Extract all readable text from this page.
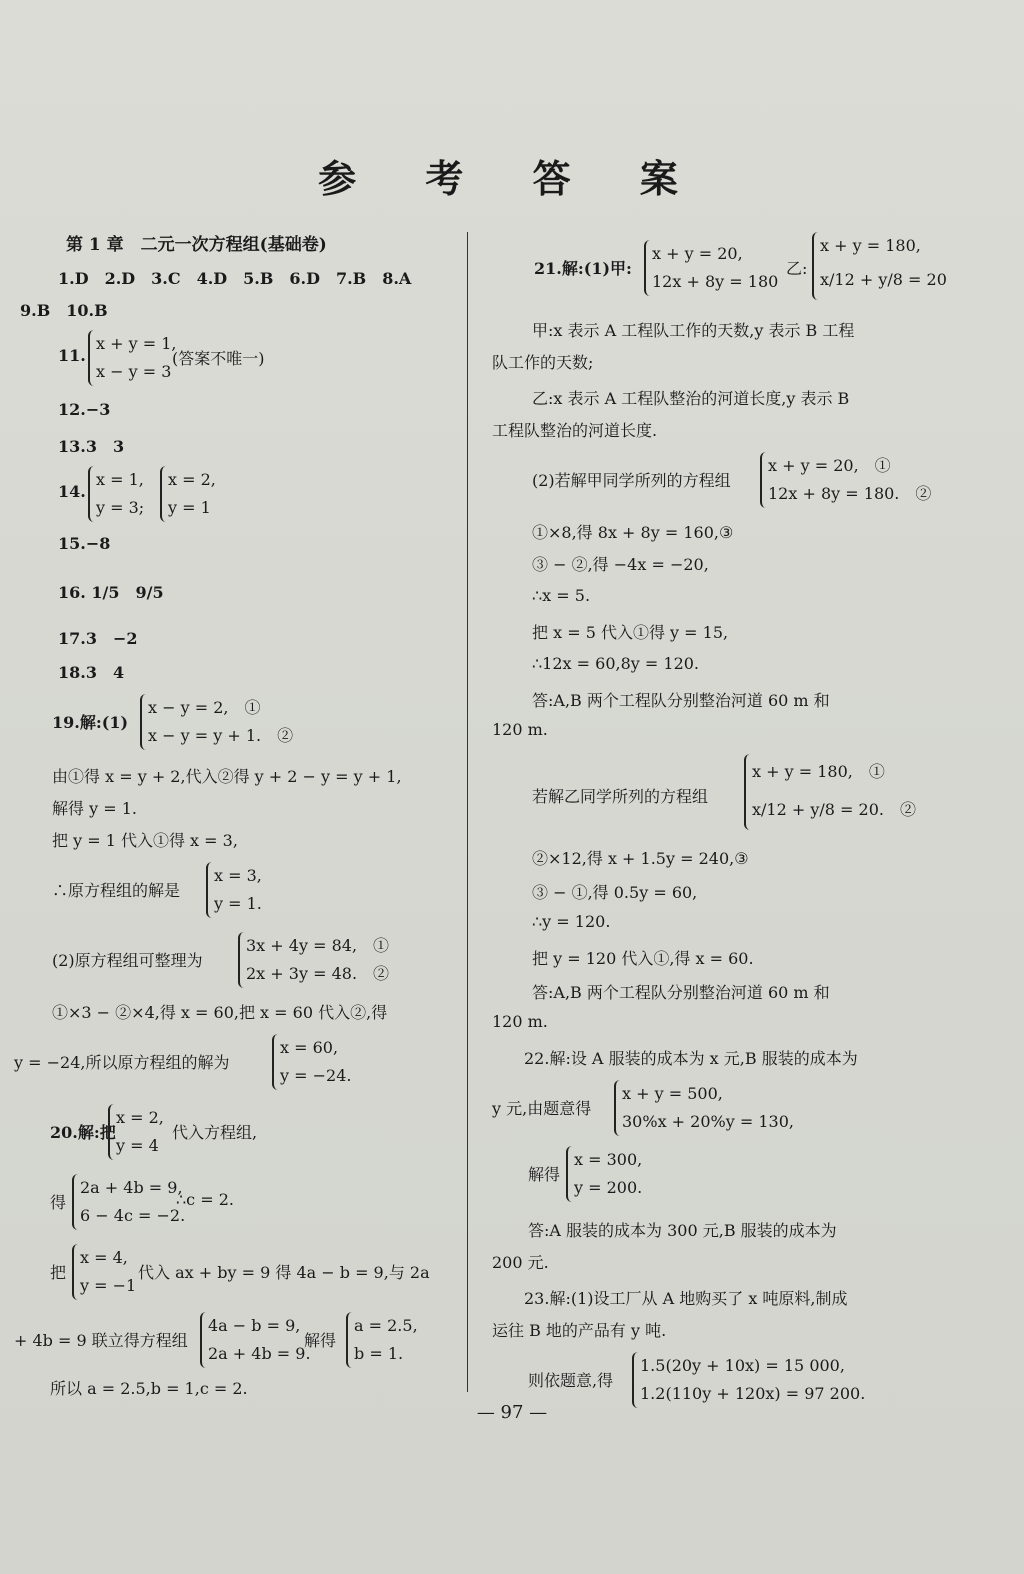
参 考 答 案
第 1 章　二元一次方程组(基础卷)
1.D　2.D　3.C　4.D　5.B　6.D　7.B　8.A
9.B　10.B
11.
x + y = 1,
x − y = 3
(答案不唯一)
12.−3
13.3　3
14.
x = 1,
y = 3;
x = 2,
y = 1
15.−8
16. 1/5　9/5
17.3　−2
18.3　4
19.解:(1)
x − y = 2,　①
x − y = y + 1.　②
由①得 x = y + 2,代入②得 y + 2 − y = y + 1,
解得 y = 1.
把 y = 1 代入①得 x = 3,
∴原方程组的解是
x = 3,
y = 1.
(2)原方程组可整理为
3x + 4y = 84,　①
2x + 3y = 48.　②
①×3 − ②×4,得 x = 60,把 x = 60 代入②,得
y = −24,所以原方程组的解为
x = 60,
y = −24.
20.解:把
x = 2,
y = 4
代入方程组,
得
2a + 4b = 9,
6 − 4c = −2.
∴c = 2.
把
x = 4,
y = −1
代入 ax + by = 9 得 4a − b = 9,与 2a
+ 4b = 9 联立得方程组
4a − b = 9,
2a + 4b = 9.
解得
a = 2.5,
b = 1.
所以 a = 2.5,b = 1,c = 2.
21.解:(1)甲:
x + y = 20,
12x + 8y = 180
乙:
x + y = 180,
x/12 + y/8 = 20
甲:x 表示 A 工程队工作的天数,y 表示 B 工程
队工作的天数;
乙:x 表示 A 工程队整治的河道长度,y 表示 B
工程队整治的河道长度.
(2)若解甲同学所列的方程组
x + y = 20,　①
12x + 8y = 180.　②
①×8,得 8x + 8y = 160,③
③ − ②,得 −4x = −20,
∴x = 5.
把 x = 5 代入①得 y = 15,
∴12x = 60,8y = 120.
答:A,B 两个工程队分别整治河道 60 m 和
120 m.
若解乙同学所列的方程组
x + y = 180,　①
x/12 + y/8 = 20.　②
②×12,得 x + 1.5y = 240,③
③ − ①,得 0.5y = 60,
∴y = 120.
把 y = 120 代入①,得 x = 60.
答:A,B 两个工程队分别整治河道 60 m 和
120 m.
22.解:设 A 服装的成本为 x 元,B 服装的成本为
y 元,由题意得
x + y = 500,
30%x + 20%y = 130,
解得
x = 300,
y = 200.
答:A 服装的成本为 300 元,B 服装的成本为
200 元.
23.解:(1)设工厂从 A 地购买了 x 吨原料,制成
运往 B 地的产品有 y 吨.
则依题意,得
1.5(20y + 10x) = 15 000,
1.2(110y + 120x) = 97 200.
— 97 —
